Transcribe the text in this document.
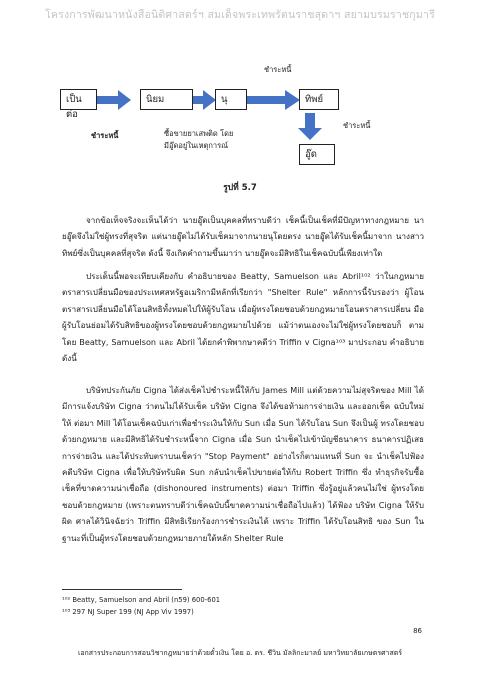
โครงการพัฒนาหนังสือนิติศาสตร์ฯ สมเด็จพระเทพรัตนราชสุดาฯ สยามบรมราชกุมารี
เป็นต่อ
นิยม	นุ	ทิพย์
อู๊ด
ชำระหนี้
ชำระหนี้	ซื้อขายยาเสพติด โดย
มีอู๊ดอยู่ในเหตุการณ์
ชำระหนี้
รูปที่ 5.7

จากข้อเท็จจริงจะเห็นได้ว่า นายอู๊ดเป็นบุคคลที่ทราบดีว่า เช็คนี้เป็นเช็คที่มีปัญหาทางกฎหมาย นายอู๊ดจึงไม่ใช่ผู้ทรงที่สุจริต แต่นายอู๊ดไม่ได้รับเช็คมาจากนายนุโดยตรง นายอู๊ดได้รับเช็คนี้มาจาก นางสาวทิพย์ซึ่งเป็นบุคคลที่สุจริต ดังนี้ จึงเกิดคำถามขึ้นมาว่า นายอู๊ดจะมีสิทธิในเช็คฉบับนี้เพียงเท่าใด

ประเด็นนี้พอจะเทียบเคียงกับ คำอธิบายของ Beatty, Samuelson และ Abril¹⁰² ว่าในกฎหมาย ตราสารเปลี่ยนมือของประเทศสหรัฐอเมริกามีหลักที่เรียกว่า "Shelter Rule" หลักการนี้รับรองว่า ผู้โอน ตราสารเปลี่ยนมือได้โอนสิทธิทั้งหมดไปให้ผู้รับโอน เมื่อผู้ทรงโดยชอบด้วยกฎหมายโอนตราสารเปลี่ยน มือ ผู้รับโอนย่อมได้รับสิทธิของผู้ทรงโดยชอบด้วยกฎหมายไปด้วย แม้ว่าตนเองจะไม่ใช่ผู้ทรงโดยชอบก็ ตาม โดย Beatty, Samuelson และ Abril ได้ยกคำพิพากษาคดีว่า Triffin v Cigna¹⁰³ มาประกอบ คำอธิบายดังนี้

บริษัทประกันภัย Cigna ได้ส่งเช็คไปชำระหนี้ให้กับ James Mill แต่ด้วยความไม่สุจริตของ Mill ได้มีการแจ้งบริษัท Cigna ว่าตนไม่ได้รับเช็ค บริษัท Cigna จึงได้ขอห้ามการจ่ายเงิน และออกเช็ค ฉบับใหม่ให้ ต่อมา Mill ได้โอนเช็คฉบับเก่าเพื่อชำระเงินให้กับ Sun เมื่อ Sun ได้รับโอน Sun จึงเป็นผู้ ทรงโดยชอบด้วยกฎหมาย และมีสิทธิได้รับชำระหนี้จาก Cigna เมื่อ Sun นำเช็คไปเข้าบัญชีธนาคาร ธนาคารปฏิเสธการจ่ายเงิน และได้ประทับตราบนเช็คว่า "Stop Payment" อย่างไรก็ตามแทนที่ Sun จะ นำเช็คไปฟ้องคดีบริษัท Cigna เพื่อให้บริษัทรับผิด Sun กลับนำเช็คไปขายต่อให้กับ Robert Triffin ซึ่ง ทำธุรกิจรับซื้อเช็คที่ขาดความน่าเชื่อถือ (dishonoured instruments) ต่อมา Triffin ซึ่งรู้อยู่แล้วคนไม่ใช่ ผู้ทรงโดยชอบด้วยกฎหมาย (เพราะตนทราบดีว่าเช็คฉบับนี้ขาดความน่าเชื่อถือไปแล้ว) ได้ฟ้อง บริษัท Cigna ให้รับผิด ศาลได้วินิจฉัยว่า Triffin มีสิทธิเรียกร้องการชำระเงินได้ เพราะ Triffin ได้รับโอนสิทธิ ของ Sun ในฐานะที่เป็นผู้ทรงโดยชอบด้วยกฎหมายภายใต้หลัก Shelter Rule

¹⁰² Beatty, Samuelson and Abril (n59) 600-601
¹⁰³ 297 NJ Super 199 (NJ App Viv 1997)
86
เอกสารประกอบการสอนวิชากฎหมายว่าด้วยตั๋วเงิน โดย อ. ดร. ชีวิน มัลลิกะมาลย์ มหาวิทยาลัยเกษตรศาสตร์
